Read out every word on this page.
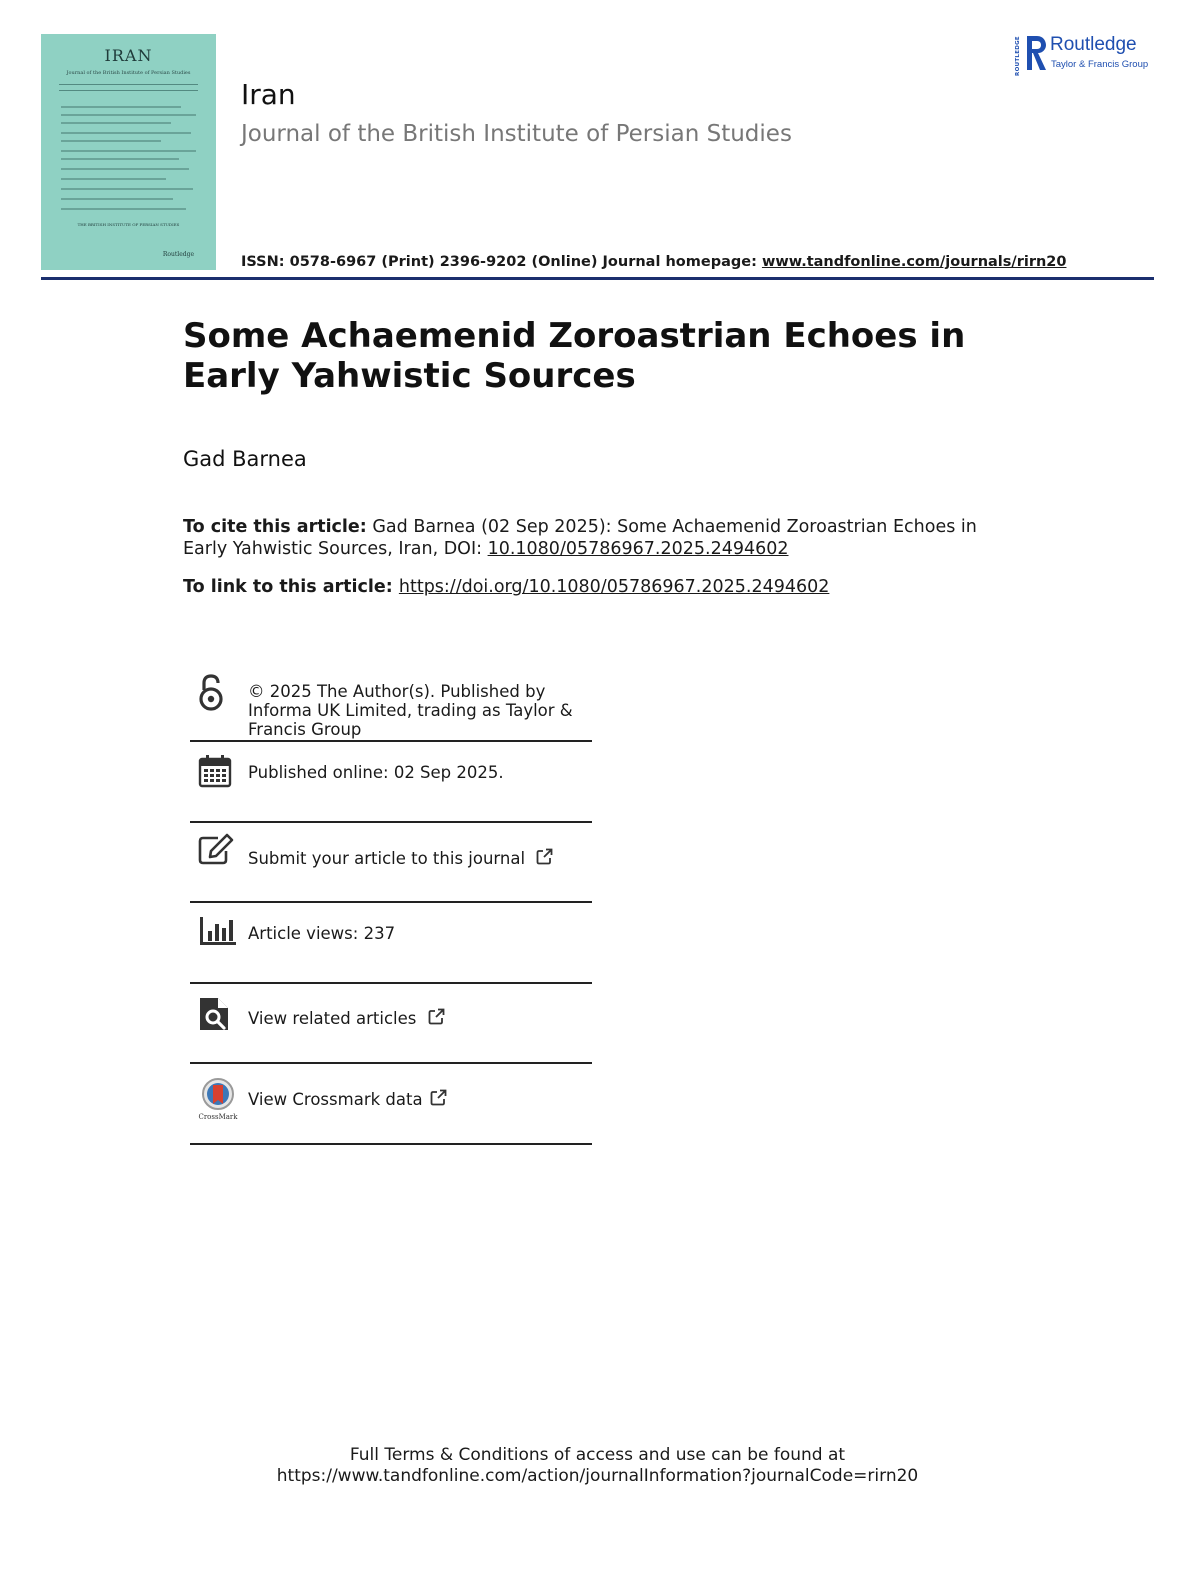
IRAN
Journal of the British Institute of Persian Studies
THE BRITISH INSTITUTE OF PERSIAN STUDIES
Routledge
Iran
Journal of the British Institute of Persian Studies
ISSN: 0578-6967 (Print) 2396-9202 (Online) Journal homepage: www.tandfonline.com/journals/rirn20
ROUTLEDGE Routledge
Taylor & Francis Group
Some Achaemenid Zoroastrian Echoes in Early Yahwistic Sources
Gad Barnea
To cite this article: Gad Barnea (02 Sep 2025): Some Achaemenid Zoroastrian Echoes in Early Yahwistic Sources, Iran, DOI: 10.1080/05786967.2025.2494602
To link to this article: https://doi.org/10.1080/05786967.2025.2494602
© 2025 The Author(s). Published by Informa UK Limited, trading as Taylor & Francis Group
Published online: 02 Sep 2025.
Submit your article to this journal
Article views: 237
View related articles
CrossMark
View Crossmark data
Full Terms & Conditions of access and use can be found at
https://www.tandfonline.com/action/journalInformation?journalCode=rirn20
